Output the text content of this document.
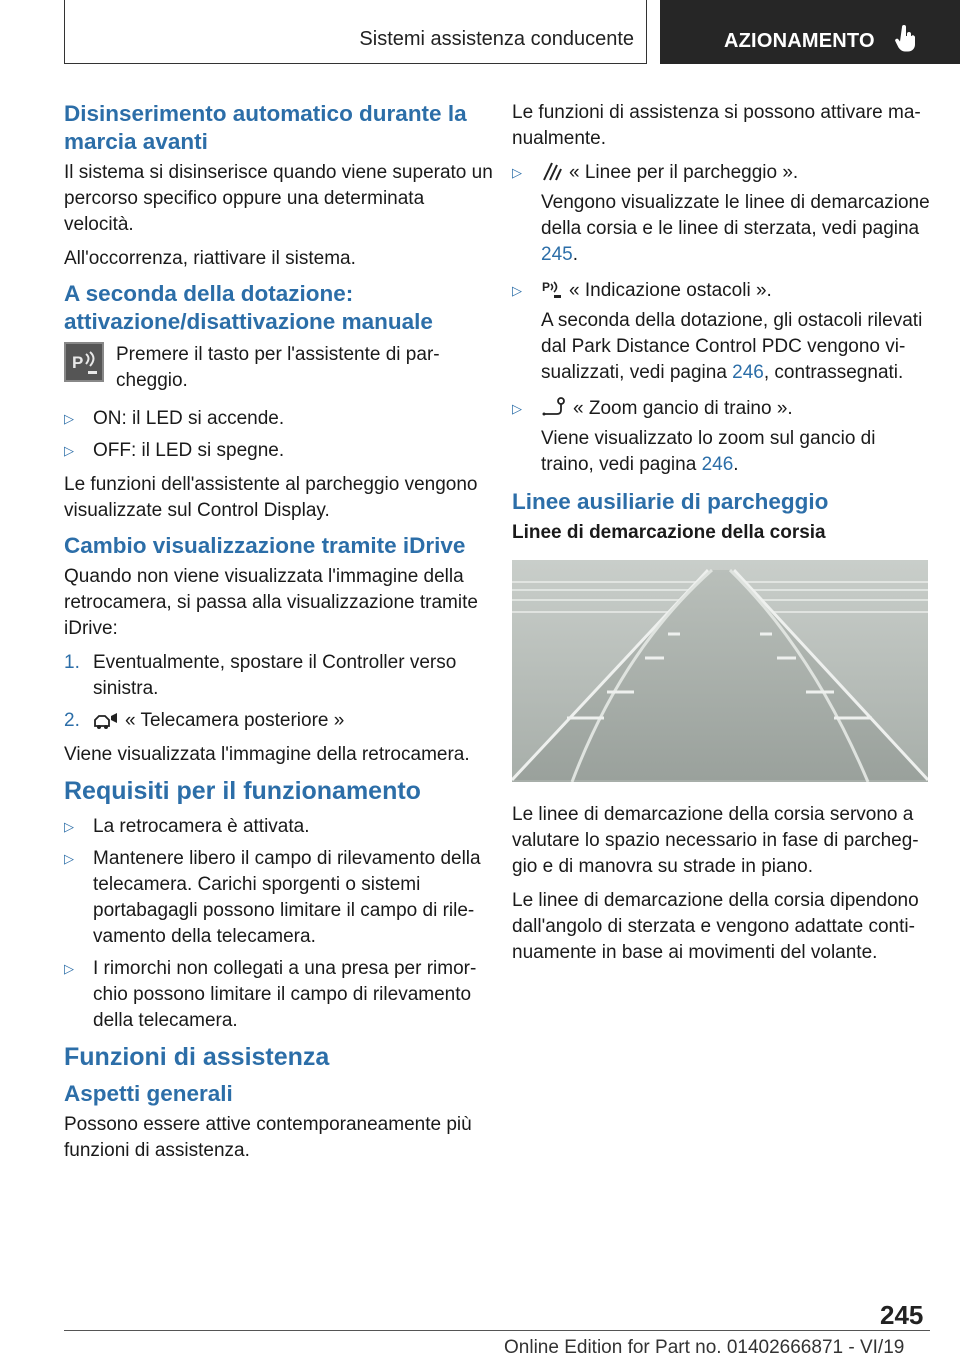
Sistemi assistenza conducente	AZIONAMENTO
Disinserimento automatico durante la marcia avanti

Il sistema si disinserisce quando viene superato un percorso specifico oppure una determinata velocità.

All'occorrenza, riattivare il sistema.

A seconda della dotazione: attivazione/disattivazione manuale
P Premere il tasto per l'assistente di parcheggio.
▷ ON: il LED si accende.
▷ OFF: il LED si spegne.

Le funzioni dell'assistente al parcheggio vengono visualizzate sul Control Display.

Cambio visualizzazione tramite iDrive

Quando non viene visualizzata l'immagine della retrocamera, si passa alla visualizzazione tramite iDrive:

1. Eventualmente, spostare il Controller verso sinistra.
2. « Telecamera posteriore »

Viene visualizzata l'immagine della retrocamera.

Requisiti per il funzionamento
▷ La retrocamera è attivata.
▷ Mantenere libero il campo di rilevamento della telecamera. Carichi sporgenti o sistemi portabagagli possono limitare il campo di rilevamento della telecamera.
▷ I rimorchi non collegati a una presa per rimorchio possono limitare il campo di rilevamento della telecamera.
Funzioni di assistenza
Aspetti generali

Possono essere attive contemporaneamente più funzioni di assistenza.

Le funzioni di assistenza si possono attivare manualmente.

▷ « Linee per il parcheggio ».

Vengono visualizzate le linee di demarcazione della corsia e le linee di sterzata, vedi pagina 245.

▷ P « Indicazione ostacoli ».

A seconda della dotazione, gli ostacoli rilevati dal Park Distance Control PDC vengono visualizzati, vedi pagina 246, contrassegnati.

▷	« Zoom gancio di traino ».

Viene visualizzato lo zoom sul gancio di traino, vedi pagina 246.

Linee ausiliarie di parcheggio
Linee di demarcazione della corsia

Le linee di demarcazione della corsia servono a valutare lo spazio necessario in fase di parcheggio e di manovra su strade in piano.

Le linee di demarcazione della corsia dipendono dall'angolo di sterzata e vengono adattate continuamente in base ai movimenti del volante.

245
Online Edition for Part no. 01402666871 - VI/19
